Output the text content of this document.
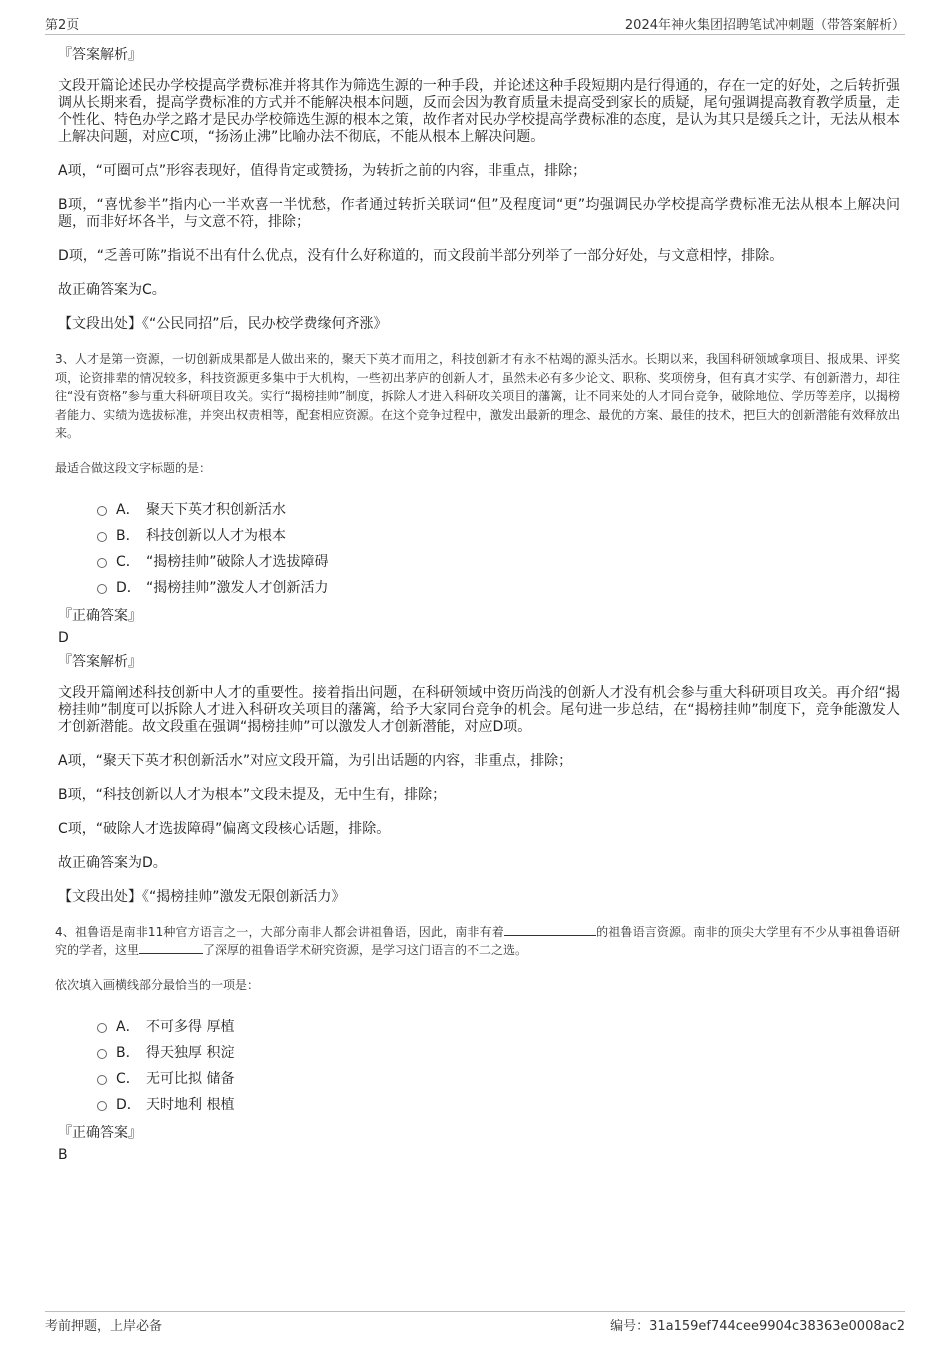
第2页	2024年神火集团招聘笔试冲刺题（带答案解析）
『答案解析』

文段开篇论述民办学校提高学费标准并将其作为筛选生源的一种手段，并论述这种手段短期内是行得通的，存在一定的好处，之后转折强调从长期来看，提高学费标准的方式并不能解决根本问题，反而会因为教育质量未提高受到家长的质疑，尾句强调提高教育教学质量，走个性化、特色办学之路才是民办学校筛选生源的根本之策，故作者对民办学校提高学费标准的态度，是认为其只是缓兵之计，无法从根本上解决问题，对应C项，“扬汤止沸”比喻办法不彻底，不能从根本上解决问题。

A项，“可圈可点”形容表现好，值得肯定或赞扬，为转折之前的内容，非重点，排除；

B项，“喜忧参半”指内心一半欢喜一半忧愁，作者通过转折关联词“但”及程度词“更”均强调民办学校提高学费标准无法从根本上解决问题，而非好坏各半，与文意不符，排除；

D项，“乏善可陈”指说不出有什么优点，没有什么好称道的，而文段前半部分列举了一部分好处，与文意相悖，排除。

故正确答案为C。

【文段出处】《“公民同招”后，民办校学费缘何齐涨》

3、人才是第一资源，一切创新成果都是人做出来的，聚天下英才而用之，科技创新才有永不枯竭的源头活水。长期以来，我国科研领域拿项目、报成果、评奖项，论资排辈的情况较多，科技资源更多集中于大机构，一些初出茅庐的创新人才，虽然未必有多少论文、职称、奖项傍身，但有真才实学、有创新潜力，却往往“没有资格”参与重大科研项目攻关。实行“揭榜挂帅”制度，拆除人才进入科研攻关项目的藩篱，让不同来处的人才同台竞争，破除地位、学历等差序，以揭榜者能力、实绩为选拔标准，并突出权责相等，配套相应资源。在这个竞争过程中，激发出最新的理念、最优的方案、最佳的技术，把巨大的创新潜能有效释放出来。

最适合做这段文字标题的是：

A． 聚天下英才积创新活水
B． 科技创新以人才为根本
C． “揭榜挂帅”破除人才选拔障碍
D． “揭榜挂帅”激发人才创新活力
『正确答案』
D
『答案解析』

文段开篇阐述科技创新中人才的重要性。接着指出问题，在科研领域中资历尚浅的创新人才没有机会参与重大科研项目攻关。再介绍“揭榜挂帅”制度可以拆除人才进入科研攻关项目的藩篱，给予大家同台竞争的机会。尾句进一步总结，在“揭榜挂帅”制度下，竞争能激发人才创新潜能。故文段重在强调“揭榜挂帅”可以激发人才创新潜能，对应D项。

A项，“聚天下英才积创新活水”对应文段开篇，为引出话题的内容，非重点，排除；

B项，“科技创新以人才为根本”文段未提及，无中生有，排除；

C项，“破除人才选拔障碍”偏离文段核心话题，排除。

故正确答案为D。

【文段出处】《“揭榜挂帅”激发无限创新活力》

4、祖鲁语是南非11种官方语言之一，大部分南非人都会讲祖鲁语，因此，南非有着	的祖鲁语言资源。南非的顶尖大学里有不少从事祖鲁语研究的学者，这里	了深厚的祖鲁语学术研究资源，是学习这门语言的不二之选。

依次填入画横线部分最恰当的一项是：

A． 不可多得 厚植
B． 得天独厚 积淀
C． 无可比拟 储备
D． 天时地利 根植
『正确答案』
B
考前押题，上岸必备	编号：31a159ef744cee9904c38363e0008ac2
